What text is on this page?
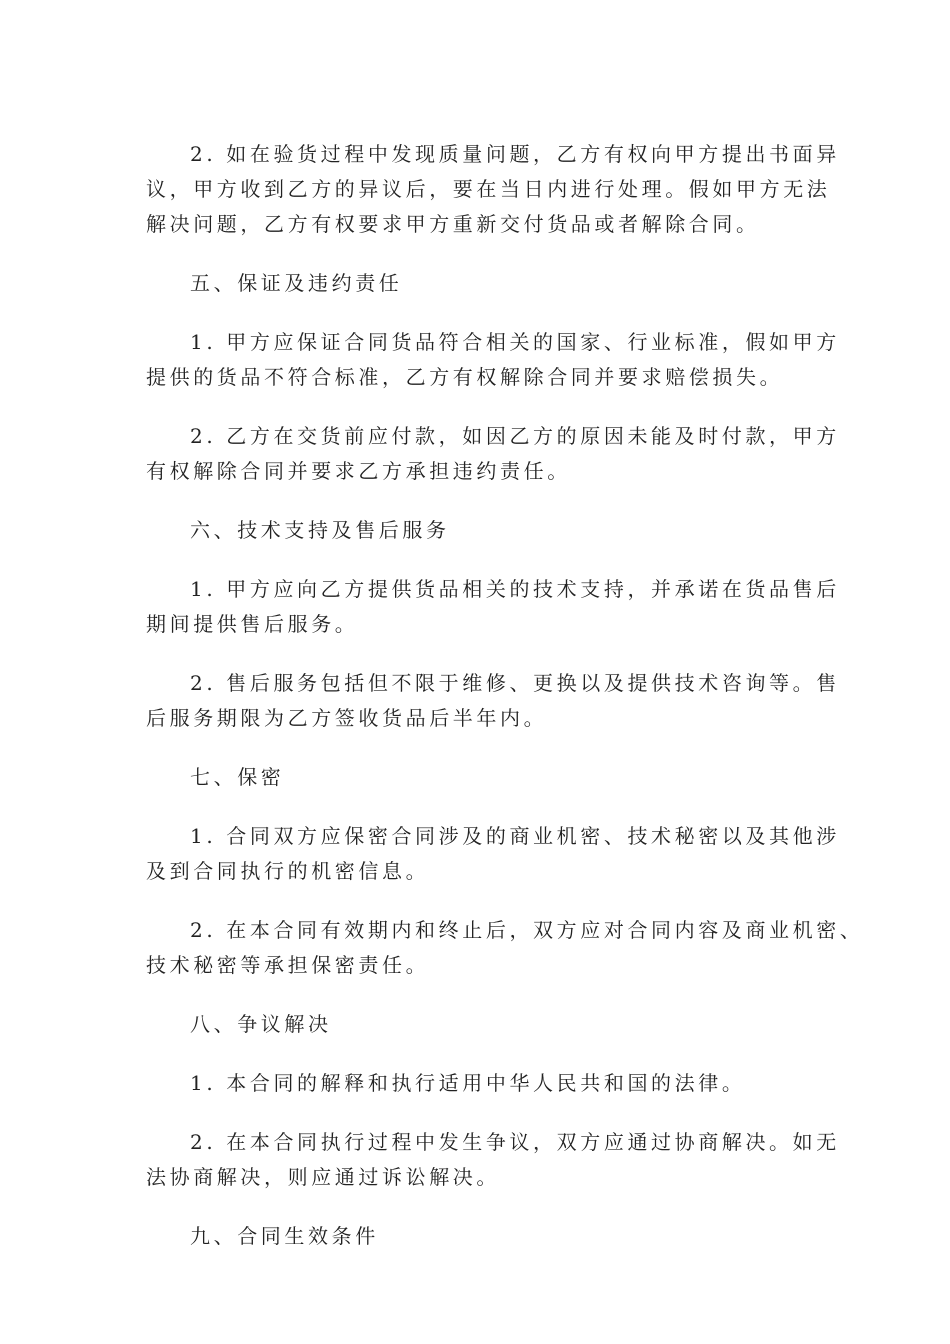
2. 如在验货过程中发现质量问题，乙方有权向甲方提出书面异
议，甲方收到乙方的异议后，要在当日内进行处理。假如甲方无法
解决问题，乙方有权要求甲方重新交付货品或者解除合同。
五、保证及违约责任
1. 甲方应保证合同货品符合相关的国家、行业标准，假如甲方
提供的货品不符合标准，乙方有权解除合同并要求赔偿损失。
2. 乙方在交货前应付款，如因乙方的原因未能及时付款，甲方
有权解除合同并要求乙方承担违约责任。
六、技术支持及售后服务
1. 甲方应向乙方提供货品相关的技术支持，并承诺在货品售后
期间提供售后服务。
2. 售后服务包括但不限于维修、更换以及提供技术咨询等。售
后服务期限为乙方签收货品后半年内。
七、保密
1. 合同双方应保密合同涉及的商业机密、技术秘密以及其他涉
及到合同执行的机密信息。
2. 在本合同有效期内和终止后，双方应对合同内容及商业机密、
技术秘密等承担保密责任。
八、争议解决
1. 本合同的解释和执行适用中华人民共和国的法律。
2. 在本合同执行过程中发生争议，双方应通过协商解决。如无
法协商解决，则应通过诉讼解决。
九、合同生效条件
